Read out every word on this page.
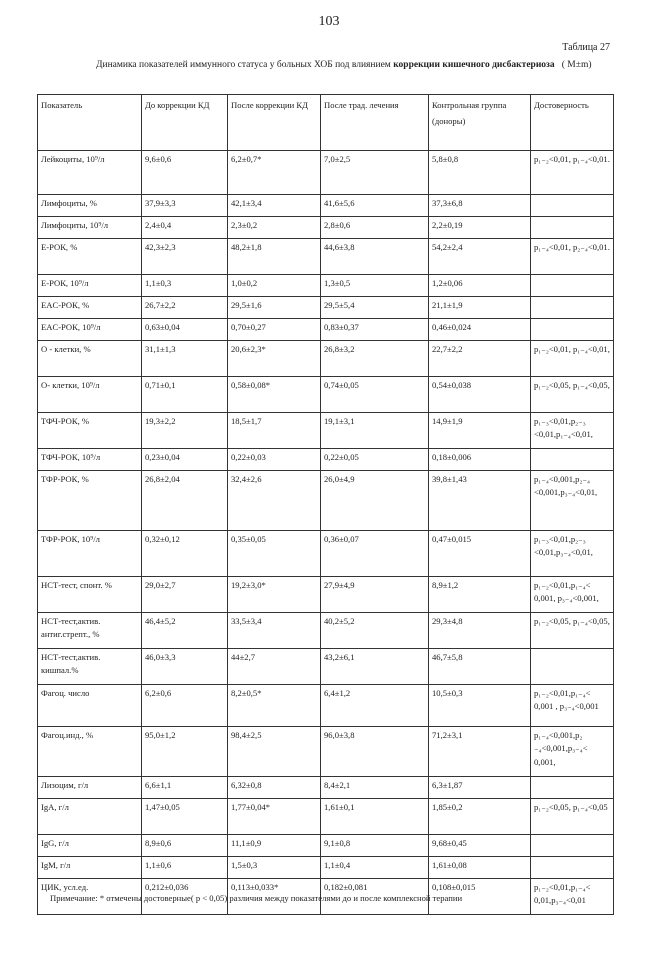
103
Таблица 27
Динамика показателей иммунного статуса у больных ХОБ под влиянием коррекции кишечного дисбактериоза ( M±m)
Показатель	До коррекции КД	После коррекции КД	После трад. лечения	Контрольная группа (доноры)	Достоверность
Лейкоциты, 10⁹/л	9,6±0,6	6,2±0,7*	7,0±2,5	5,8±0,8	p₁₋₂<0,01, p₁₋₄<0,01.
Лимфоциты, %	37,9±3,3	42,1±3,4	41,6±5,6	37,3±6,8	
Лимфоциты, 10⁹/л	2,4±0,4	2,3±0,2	2,8±0,6	2,2±0,19	
E-РОК, %	42,3±2,3	48,2±1,8	44,6±3,8	54,2±2,4	p₁₋₄<0,01, p₂₋₄<0,01.
E-РОК, 10⁹/л	1,1±0,3	1,0±0,2	1,3±0,5	1,2±0,06	
EAC-РОК, %	26,7±2,2	29,5±1,6	29,5±5,4	21,1±1,9	
EAC-РОК, 10⁹/л	0,63±0,04	0,70±0,27	0,83±0,37	0,46±0,024	
О - клетки, %	31,1±1,3	20,6±2,3*	26,8±3,2	22,7±2,2	p₁₋₂<0,01, p₁₋₄<0,01,
О- клетки, 10⁹/л	0,71±0,1	0,58±0,08*	0,74±0,05	0,54±0,038	p₁₋₂<0,05, p₁₋₄<0,05,
ТФЧ-РОК, %	19,3±2,2	18,5±1,7	19,1±3,1	14,9±1,9	p₁₋₃<0,01,p₂₋₃ <0,01,p₁₋₄<0,01,
ТФЧ-РОК, 10⁹/л	0,23±0,04	0,22±0,03	0,22±0,05	0,18±0,006	
ТФР-РОК, %	26,8±2,04	32,4±2,6	26,0±4,9	39,8±1,43	p₁₋₄<0,001,p₂₋₄ <0,001,p₃₋₄<0,01,
ТФР-РОК, 10⁹/л	0,32±0,12	0,35±0,05	0,36±0,07	0,47±0,015	p₁₋₃<0,01,p₂₋₃ <0,01,p₃₋₄<0,01,
НСТ-тест, спонт. %	29,0±2,7	19,2±3,0*	27,9±4,9	8,9±1,2	p₁₋₂<0,01,p₁₋₄< 0,001, p₃₋₄<0,001,
НСТ-тест,актив. антиг.стрепт., %	46,4±5,2	33,5±3,4	40,2±5,2	29,3±4,8	p₁₋₂<0,05, p₁₋₄<0,05,
НСТ-тест,актив. кишпал.%	46,0±3,3	44±2,7	43,2±6,1	46,7±5,8	
Фагоц. число	6,2±0,6	8,2±0,5*	6,4±1,2	10,5±0,3	p₁₋₂<0,01,p₁₋₄< 0,001 , p₃₋₄<0,001
Фагоц.инд., %	95,0±1,2	98,4±2,5	96,0±3,8	71,2±3,1	p₁₋₄<0,001,p₂ ₋₄<0,001,p₃₋₄< 0,001,
Лизоцим, г/л	6,6±1,1	6,32±0,8	8,4±2,1	6,3±1,87	
IgA, г/л	1,47±0,05	1,77±0,04*	1,61±0,1	1,85±0,2	p₁₋₂<0,05, p₁₋₄<0,05
IgG, г/л	8,9±0,6	11,1±0,9	9,1±0,8	9,68±0,45	
IgM, г/л	1,1±0,6	1,5±0,3	1,1±0,4	1,61±0,08	
ЦИК, усл.ед.	0,212±0,036	0,113±0,033*	0,182±0,081	0,108±0,015	p₁₋₂<0,01,p₁₋₄< 0,01,p₃₋₄<0,01
Примечание: * отмечены достоверные( p < 0,05) различия между показателями до и после комплексной терапии
